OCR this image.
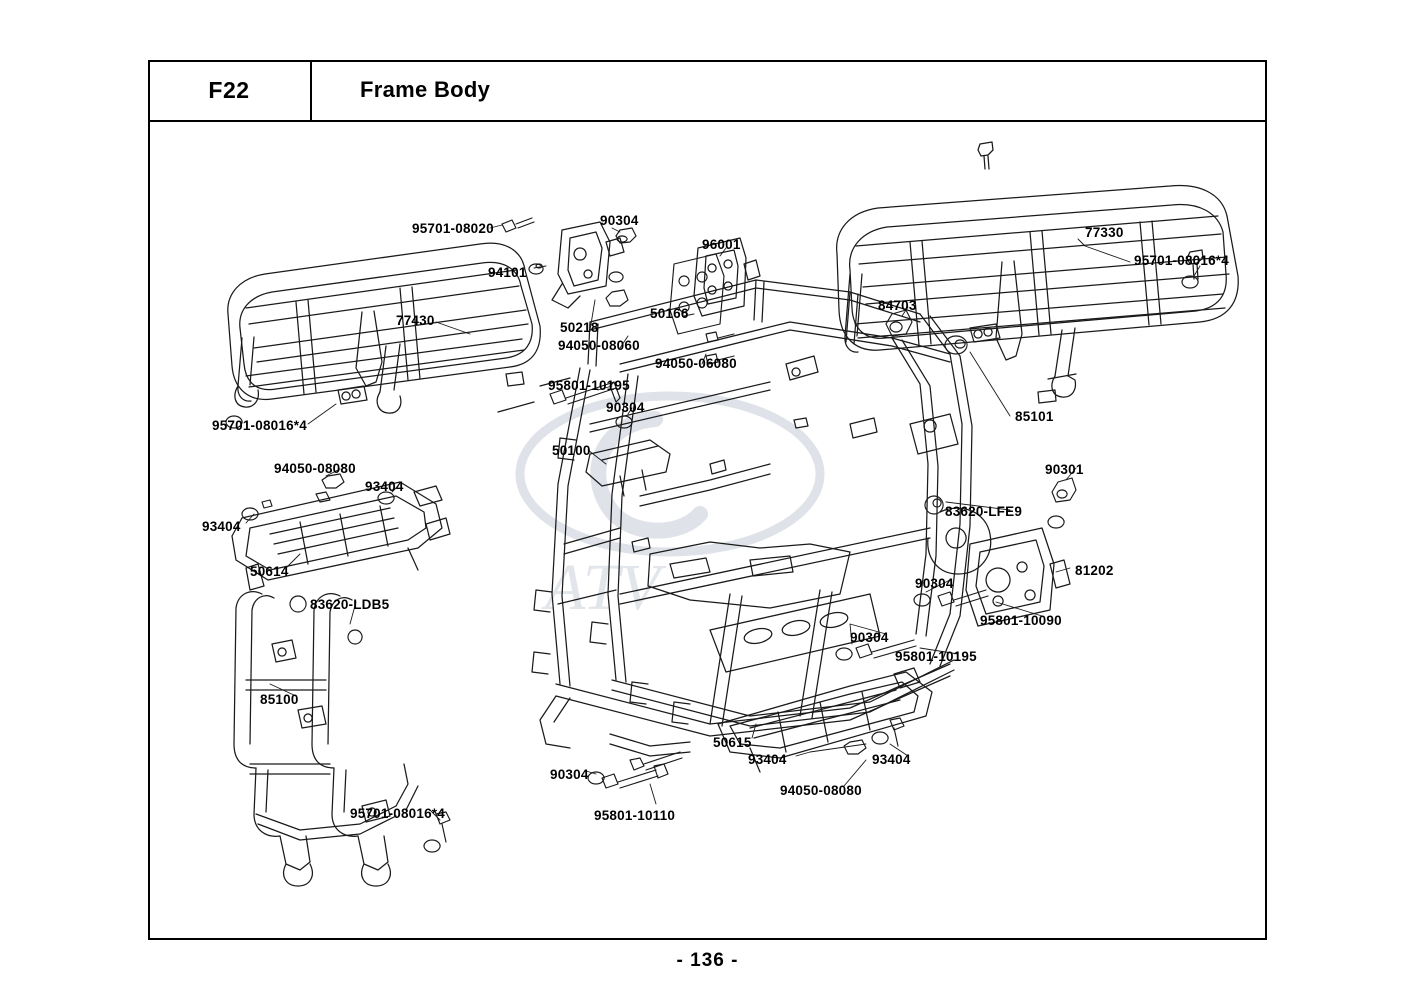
F22	Frame Body
ATV
95701-08020
90304
94101
96001
77330
95701-08016*4
50166
50218
94050-08060
94050-06080
77430
84703
85101
95801-10195
90304
50100
95701-08016*4
94050-08080
93404
93404
50614
83620-LDB5
85100
95701-08016*4
90301
83620-LFE9
81202
90304
95801-10090
90304
95801-10195
50615
93404	93404
94050-08080
90304
95801-10110
- 136 -
